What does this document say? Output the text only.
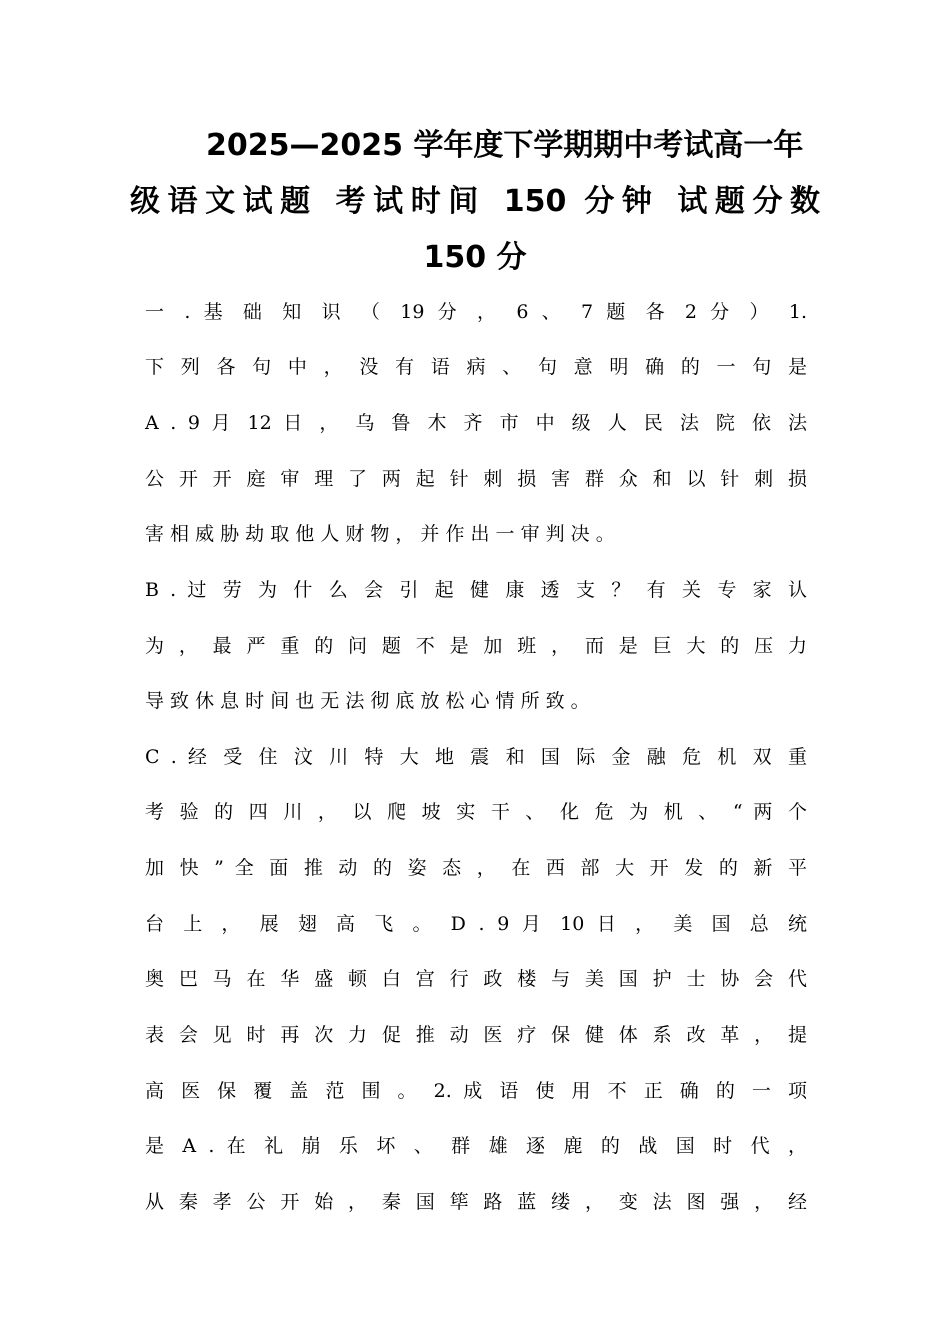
2025—2025 学年度下学期期中考试高一年
级语文试题 考试时间 150 分钟 试题分数
150 分
一 . 基 础 知 识 （ 19 分 ， 6 、 7 题 各 2 分 ） 1.
下 列 各 句 中 ， 没 有 语 病 、 句 意 明 确 的 一 句 是
A . 9 月 12 日 ， 乌 鲁 木 齐 市 中 级 人 民 法 院 依 法
公 开 开 庭 审 理 了 两 起 针 刺 损 害 群 众 和 以 针 刺 损
害 相 威 胁 劫 取 他 人 财 物 ， 并 作 出 一 审 判 决 。
B . 过 劳 为 什 么 会 引 起 健 康 透 支 ？ 有 关 专 家 认
为 ， 最 严 重 的 问 题 不 是 加 班 ， 而 是 巨 大 的 压 力
导 致 休 息 时 间 也 无 法 彻 底 放 松 心 情 所 致 。
C . 经 受 住 汶 川 特 大 地 震 和 国 际 金 融 危 机 双 重
考 验 的 四 川 ， 以 爬 坡 实 干 、 化 危 为 机 、 “ 两 个
加 快 ” 全 面 推 动 的 姿 态 ， 在 西 部 大 开 发 的 新 平
台 上 ， 展 翅 高 飞 。 D . 9 月 10 日 ， 美 国 总 统
奥 巴 马 在 华 盛 顿 白 宫 行 政 楼 与 美 国 护 士 协 会 代
表 会 见 时 再 次 力 促 推 动 医 疗 保 健 体 系 改 革 ， 提
高 医 保 覆 盖 范 围 。 2. 成 语 使 用 不 正 确 的 一 项
是 A . 在 礼 崩 乐 坏 、 群 雄 逐 鹿 的 战 国 时 代 ，
从 秦 孝 公 开 始 ， 秦 国 筚 路 蓝 缕 ， 变 法 图 强 ， 经
